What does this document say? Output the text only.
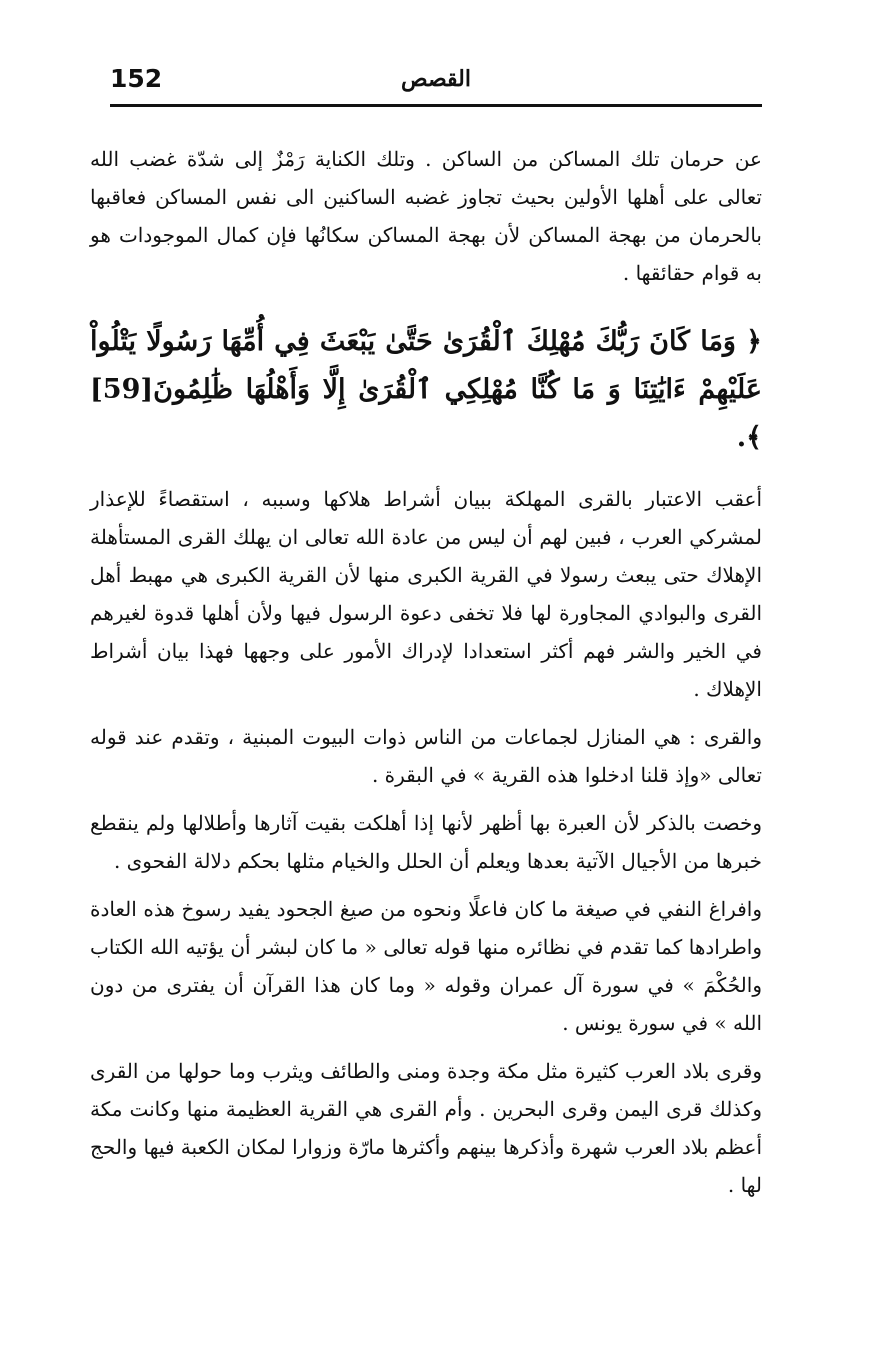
152	القصص

عن حرمان تلك المساكن من الساكن . وتلك الكناية رَمْزٌ إلى شدّة غضب الله تعالى على أهلها الأولين بحيث تجاوز غضبه الساكنين الى نفس المساكن فعاقبها بالحرمان من بهجة المساكن لأن بهجة المساكن سكانُها فإن كمال الموجودات هو به قوام حقائقها .

﴿ وَمَا كَانَ رَبُّكَ مُهْلِكَ ٱلْقُرَىٰ حَتَّىٰ يَبْعَثَ فِي أُمِّهَا رَسُولًا يَتْلُواْ عَلَيْهِمْ ءَايَٰتِنَا وَ مَا كُنَّا مُهْلِكِي ٱلْقُرَىٰ إِلَّا وَأَهْلُهَا ظَٰلِمُونَ[59] ﴾.

أعقب الاعتبار بالقرى المهلكة ببيان أشراط هلاكها وسببه ، استقصاءً للإعذار لمشركي العرب ، فبين لهم أن ليس من عادة الله تعالى ان يهلك القرى المستأهلة الإهلاك حتى يبعث رسولا في القرية الكبرى منها لأن القرية الكبرى هي مهبط أهل القرى والبوادي المجاورة لها فلا تخفى دعوة الرسول فيها ولأن أهلها قدوة لغيرهم في الخير والشر فهم أكثر استعدادا لإدراك الأمور على وجهها فهذا بيان أشراط الإهلاك .

والقرى : هي المنازل لجماعات من الناس ذوات البيوت المبنية ، وتقدم عند قوله تعالى «وإذ قلنا ادخلوا هذه القرية » في البقرة .

وخصت بالذكر لأن العبرة بها أظهر لأنها إذا أهلكت بقيت آثارها وأطلالها ولم ينقطع خبرها من الأجيال الآتية بعدها ويعلم أن الحلل والخيام مثلها بحكم دلالة الفحوى .

وافراغ النفي في صيغة ما كان فاعلًا ونحوه من صيغ الجحود يفيد رسوخ هذه العادة واطرادها كما تقدم في نظائره منها قوله تعالى « ما كان لبشر أن يؤتيه الله الكتاب والحُكْمَ » في سورة آل عمران وقوله « وما كان هذا القرآن أن يفترى من دون الله » في سورة يونس .

وقرى بلاد العرب كثيرة مثل مكة وجدة ومنى والطائف ويثرب وما حولها من القرى وكذلك قرى اليمن وقرى البحرين . وأم القرى هي القرية العظيمة منها وكانت مكة أعظم بلاد العرب شهرة وأذكرها بينهم وأكثرها مارّة وزوارا لمكان الكعبة فيها والحج لها .
